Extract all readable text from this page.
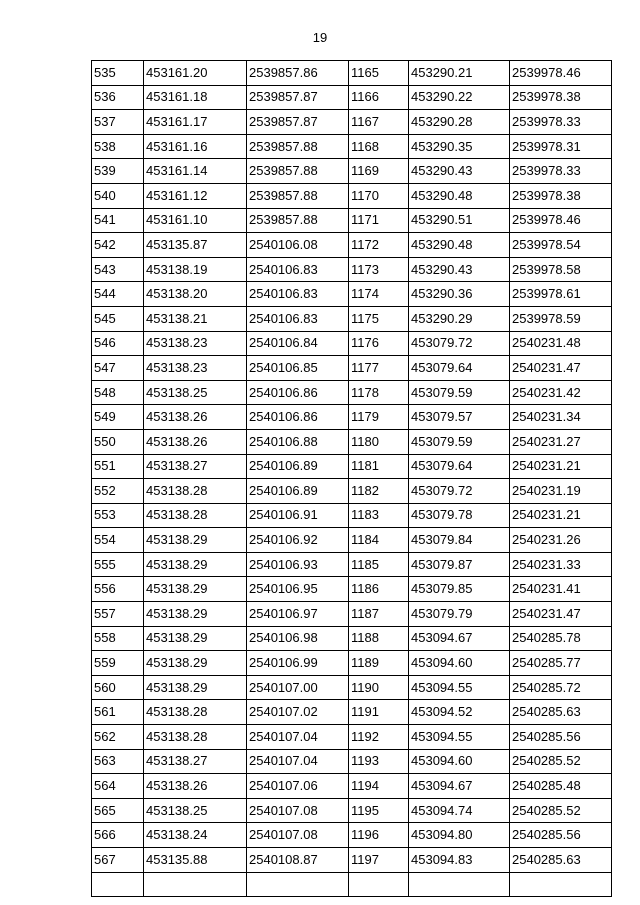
19
535	453161.20	2539857.86	1165	453290.21	2539978.46
536	453161.18	2539857.87	1166	453290.22	2539978.38
537	453161.17	2539857.87	1167	453290.28	2539978.33
538	453161.16	2539857.88	1168	453290.35	2539978.31
539	453161.14	2539857.88	1169	453290.43	2539978.33
540	453161.12	2539857.88	1170	453290.48	2539978.38
541	453161.10	2539857.88	1171	453290.51	2539978.46
542	453135.87	2540106.08	1172	453290.48	2539978.54
543	453138.19	2540106.83	1173	453290.43	2539978.58
544	453138.20	2540106.83	1174	453290.36	2539978.61
545	453138.21	2540106.83	1175	453290.29	2539978.59
546	453138.23	2540106.84	1176	453079.72	2540231.48
547	453138.23	2540106.85	1177	453079.64	2540231.47
548	453138.25	2540106.86	1178	453079.59	2540231.42
549	453138.26	2540106.86	1179	453079.57	2540231.34
550	453138.26	2540106.88	1180	453079.59	2540231.27
551	453138.27	2540106.89	1181	453079.64	2540231.21
552	453138.28	2540106.89	1182	453079.72	2540231.19
553	453138.28	2540106.91	1183	453079.78	2540231.21
554	453138.29	2540106.92	1184	453079.84	2540231.26
555	453138.29	2540106.93	1185	453079.87	2540231.33
556	453138.29	2540106.95	1186	453079.85	2540231.41
557	453138.29	2540106.97	1187	453079.79	2540231.47
558	453138.29	2540106.98	1188	453094.67	2540285.78
559	453138.29	2540106.99	1189	453094.60	2540285.77
560	453138.29	2540107.00	1190	453094.55	2540285.72
561	453138.28	2540107.02	1191	453094.52	2540285.63
562	453138.28	2540107.04	1192	453094.55	2540285.56
563	453138.27	2540107.04	1193	453094.60	2540285.52
564	453138.26	2540107.06	1194	453094.67	2540285.48
565	453138.25	2540107.08	1195	453094.74	2540285.52
566	453138.24	2540107.08	1196	453094.80	2540285.56
567	453135.88	2540108.87	1197	453094.83	2540285.63
